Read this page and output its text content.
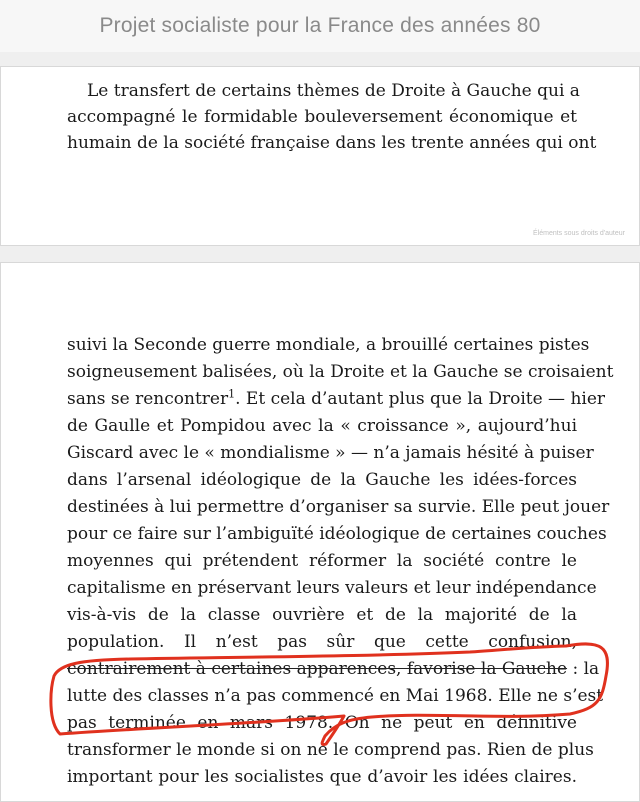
Projet socialiste pour la France des années 80
Le transfert de certains thèmes de Droite à Gauche qui a
accompagné le formidable bouleversement économique et
humain de la société française dans les trente années qui ont
Éléments sous droits d'auteur
suivi la Seconde guerre mondiale, a brouillé certaines pistes
soigneusement balisées, où la Droite et la Gauche se croisaient
sans se rencontrer$^1$. Et cela d’autant plus que la Droite — hier
de Gaulle et Pompidou avec la « croissance », aujourd’hui
Giscard avec le « mondialisme » — n’a jamais hésité à puiser
dans l’arsenal idéologique de la Gauche les idées-forces
destinées à lui permettre d’organiser sa survie. Elle peut jouer
pour ce faire sur l’ambiguïté idéologique de certaines couches
moyennes qui prétendent réformer la société contre le
capitalisme en préservant leurs valeurs et leur indépendance
vis-à-vis de la classe ouvrière et de la majorité de la
population. Il n’est pas sûr que cette confusion,
contrairement à certaines apparences, favorise la Gauche : la
lutte des classes n’a pas commencé en Mai 1968. Elle ne s’est
pas terminée en mars 1978. On ne peut en définitive
transformer le monde si on ne le comprend pas. Rien de plus
important pour les socialistes que d’avoir les idées claires.
